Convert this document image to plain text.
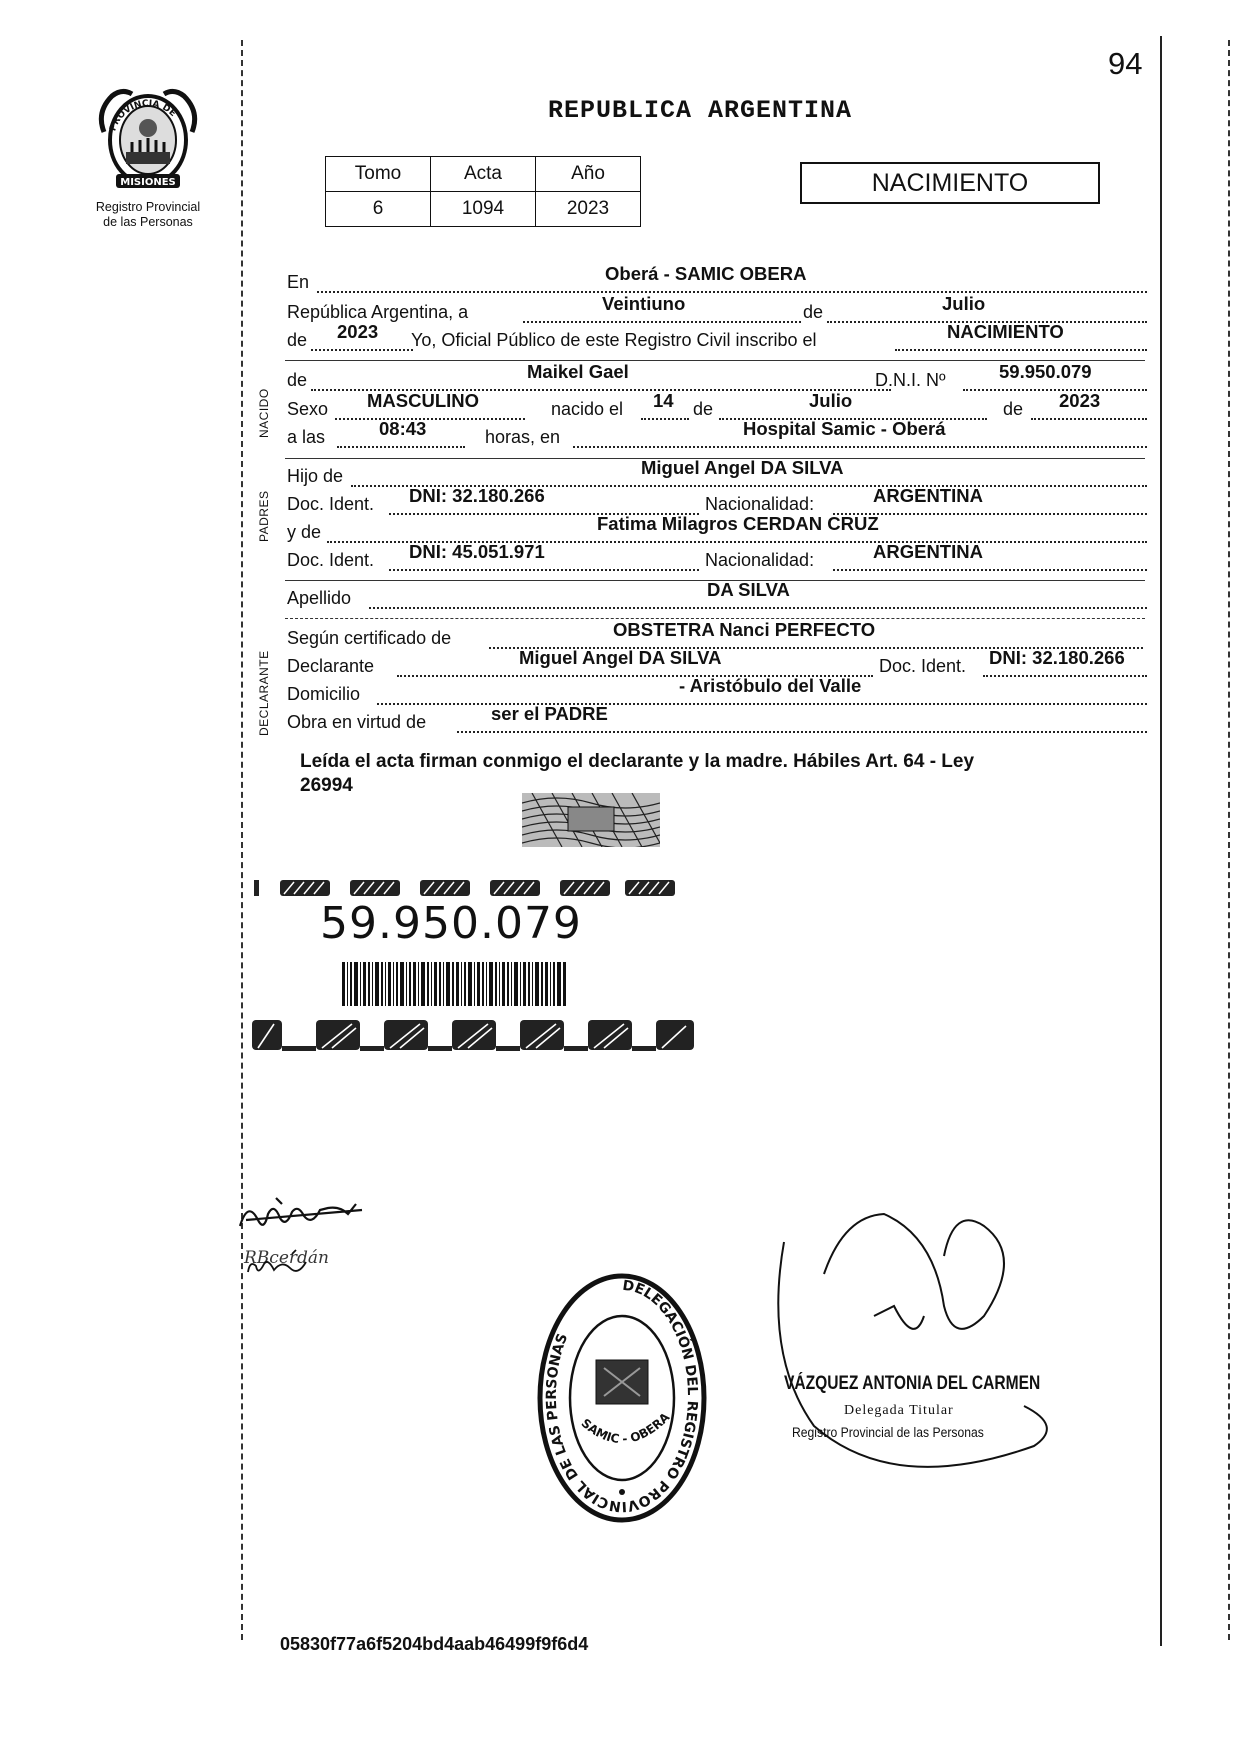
94
REPUBLICA ARGENTINA
PROVINCIA DE
MISIONES
Registro Provincial
de las Personas
Tomo	Acta	Año
6	1094	2023
NACIMIENTO
En	Oberá - SAMIC OBERA
República Argentina, a	Veintiuno	de	Julio
de 2023 Yo, Oficial Público de este Registro Civil inscribo el	NACIMIENTO
NACIDO
de	Maikel Gael	D.N.I. Nº	59.950.079
Sexo MASCULINO	nacido el 14 de	Julio	de 2023
a las	08:43	horas, en	Hospital Samic - Oberá
PADRES
Hijo de	Miguel Angel DA SILVA
Doc. Ident. DNI: 32.180.266	Nacionalidad:	ARGENTINA
y de	Fatima Milagros CERDAN CRUZ
Doc. Ident. DNI: 45.051.971	Nacionalidad:	ARGENTINA
Apellido	DA SILVA
DECLARANTE
Según certificado de	OBSTETRA Nanci PERFECTO
Declarante	Miguel Angel DA SILVA	Doc. Ident. DNI: 32.180.266
Domicilio	- Aristóbulo del Valle
Obra en virtud de	ser el PADRE
Leída el acta firman conmigo el declarante y la madre. Hábiles Art. 64 - Ley
26994
59.950.079
AMDasilva
RBcerdán
DELEGACIÓN DEL REGISTRO PROVINCIAL DE LAS PERSONAS
SAMIC - OBERA
VÁZQUEZ ANTONIA DEL CARMEN
Delegada Titular
Registro Provincial de las Personas
05830f77a6f5204bd4aab46499f9f6d4
